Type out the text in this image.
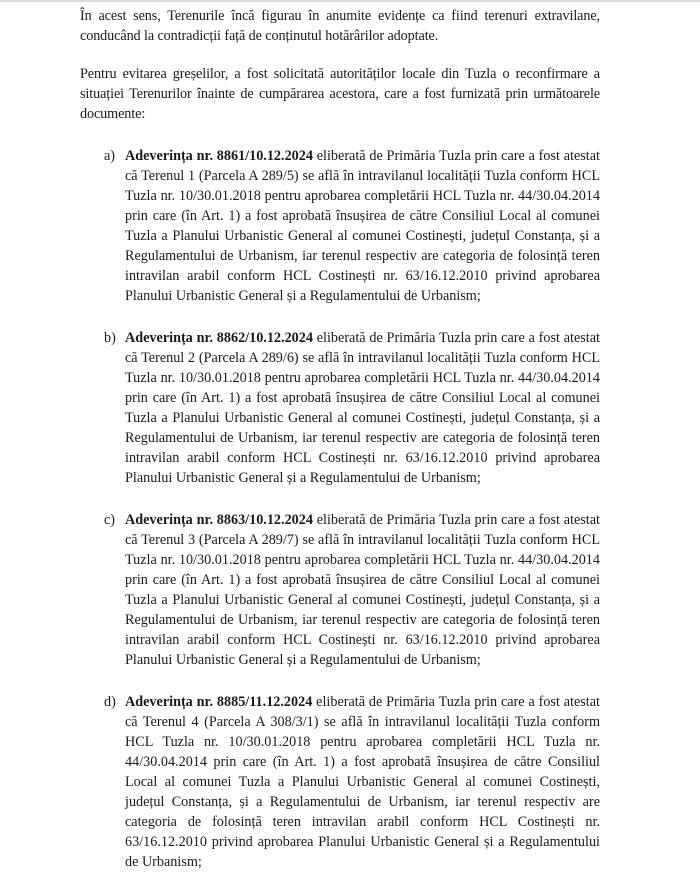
În acest sens, Terenurile încă figurau în anumite evidențe ca fiind terenuri extravilane, conducând la contradicții față de conținutul hotărârilor adoptate.

Pentru evitarea greșelilor, a fost solicitată autorităților locale din Tuzla o reconfirmare a situației Terenurilor înainte de cumpărarea acestora, care a fost furnizată prin următoarele documente:

a) Adeverința nr. 8861/10.12.2024 eliberată de Primăria Tuzla prin care a fost atestat că Terenul 1 (Parcela A 289/5) se află în intravilanul localității Tuzla conform HCL Tuzla nr. 10/30.01.2018 pentru aprobarea completării HCL Tuzla nr. 44/30.04.2014 prin care (în Art. 1) a fost aprobată însușirea de către Consiliul Local al comunei Tuzla a Planului Urbanistic General al comunei Costinești, județul Constanța, și a Regulamentului de Urbanism, iar terenul respectiv are categoria de folosință teren intravilan arabil conform HCL Costinești nr. 63/16.12.2010 privind aprobarea Planului Urbanistic General și a Regulamentului de Urbanism;
b) Adeverința nr. 8862/10.12.2024 eliberată de Primăria Tuzla prin care a fost atestat că Terenul 2 (Parcela A 289/6) se află în intravilanul localității Tuzla conform HCL Tuzla nr. 10/30.01.2018 pentru aprobarea completării HCL Tuzla nr. 44/30.04.2014 prin care (în Art. 1) a fost aprobată însușirea de către Consiliul Local al comunei Tuzla a Planului Urbanistic General al comunei Costinești, județul Constanța, și a Regulamentului de Urbanism, iar terenul respectiv are categoria de folosință teren intravilan arabil conform HCL Costinești nr. 63/16.12.2010 privind aprobarea Planului Urbanistic General și a Regulamentului de Urbanism;
c) Adeverința nr. 8863/10.12.2024 eliberată de Primăria Tuzla prin care a fost atestat că Terenul 3 (Parcela A 289/7) se află în intravilanul localității Tuzla conform HCL Tuzla nr. 10/30.01.2018 pentru aprobarea completării HCL Tuzla nr. 44/30.04.2014 prin care (în Art. 1) a fost aprobată însușirea de către Consiliul Local al comunei Tuzla a Planului Urbanistic General al comunei Costinești, județul Constanța, și a Regulamentului de Urbanism, iar terenul respectiv are categoria de folosință teren intravilan arabil conform HCL Costinești nr. 63/16.12.2010 privind aprobarea Planului Urbanistic General și a Regulamentului de Urbanism;
d) Adeverința nr. 8885/11.12.2024 eliberată de Primăria Tuzla prin care a fost atestat că Terenul 4 (Parcela A 308/3/1) se află în intravilanul localității Tuzla conform HCL Tuzla nr. 10/30.01.2018 pentru aprobarea completării HCL Tuzla nr. 44/30.04.2014 prin care (în Art. 1) a fost aprobată însușirea de către Consiliul Local al comunei Tuzla a Planului Urbanistic General al comunei Costinești, județul Constanța, și a Regulamentului de Urbanism, iar terenul respectiv are categoria de folosință teren intravilan arabil conform HCL Costinești nr. 63/16.12.2010 privind aprobarea Planului Urbanistic General și a Regulamentului de Urbanism;
